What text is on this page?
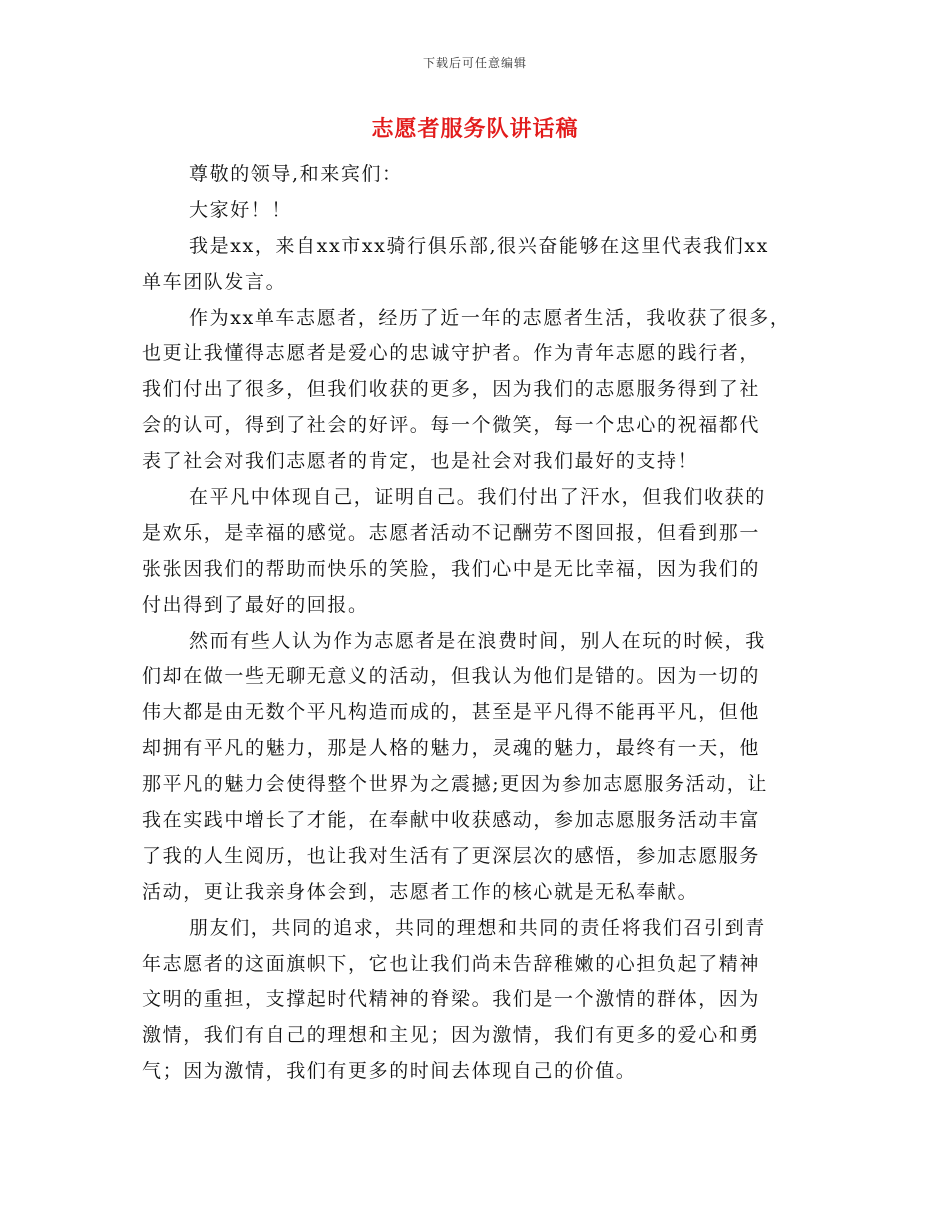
下载后可任意编辑
志愿者服务队讲话稿
尊敬的领导,和来宾们：
大家好！！
我是xx，来自xx市xx骑行俱乐部,很兴奋能够在这里代表我们xx
单车团队发言。
作为xx单车志愿者，经历了近一年的志愿者生活，我收获了很多，
也更让我懂得志愿者是爱心的忠诚守护者。作为青年志愿的践行者，
我们付出了很多，但我们收获的更多，因为我们的志愿服务得到了社
会的认可，得到了社会的好评。每一个微笑，每一个忠心的祝福都代
表了社会对我们志愿者的肯定，也是社会对我们最好的支持！
在平凡中体现自己，证明自己。我们付出了汗水，但我们收获的
是欢乐，是幸福的感觉。志愿者活动不记酬劳不图回报，但看到那一
张张因我们的帮助而快乐的笑脸，我们心中是无比幸福，因为我们的
付出得到了最好的回报。
然而有些人认为作为志愿者是在浪费时间，别人在玩的时候，我
们却在做一些无聊无意义的活动，但我认为他们是错的。因为一切的
伟大都是由无数个平凡构造而成的，甚至是平凡得不能再平凡，但他
却拥有平凡的魅力，那是人格的魅力，灵魂的魅力，最终有一天，他
那平凡的魅力会使得整个世界为之震撼;更因为参加志愿服务活动，让
我在实践中增长了才能，在奉献中收获感动，参加志愿服务活动丰富
了我的人生阅历，也让我对生活有了更深层次的感悟，参加志愿服务
活动，更让我亲身体会到，志愿者工作的核心就是无私奉献。
朋友们，共同的追求，共同的理想和共同的责任将我们召引到青
年志愿者的这面旗帜下，它也让我们尚未告辞稚嫩的心担负起了精神
文明的重担，支撑起时代精神的脊梁。我们是一个激情的群体，因为
激情，我们有自己的理想和主见；因为激情，我们有更多的爱心和勇
气；因为激情，我们有更多的时间去体现自己的价值。
